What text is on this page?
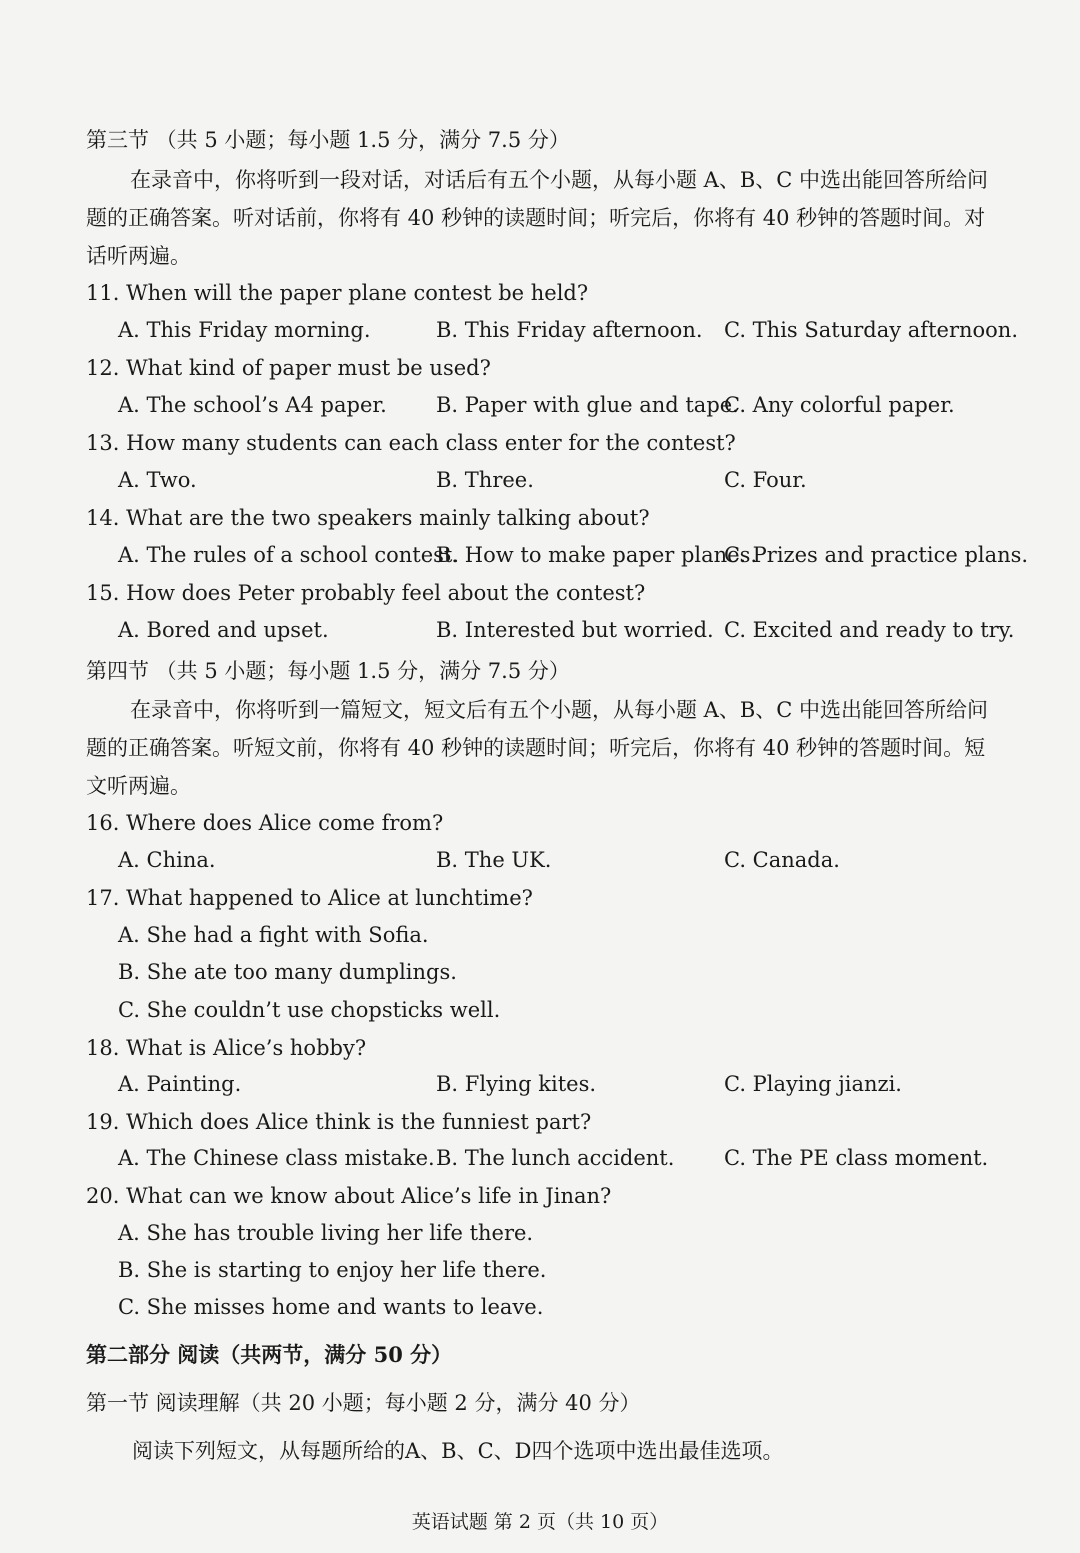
第三节 （共 5 小题；每小题 1.5 分，满分 7.5 分）
在录音中，你将听到一段对话，对话后有五个小题，从每小题 A、B、C 中选出能回答所给问题的正确答案。听对话前，你将有 40 秒钟的读题时间；听完后，你将有 40 秒钟的答题时间。对话听两遍。
11. When will the paper plane contest be held?
A. This Friday morning.	B. This Friday afternoon. C. This Saturday afternoon.
12. What kind of paper must be used?
A. The school’s A4 paper. B. Paper with glue and tape.
C. Any colorful paper.
13. How many students can each class enter for the contest?
A. Two.	B. Three.	C. Four.
14. What are the two speakers mainly talking about?
A. The rules of a school contest.
B. How to make paper planes.
C. Prizes and practice plans.
15. How does Peter probably feel about the contest?
A. Bored and upset.	B. Interested but worried. C. Excited and ready to try.
第四节 （共 5 小题；每小题 1.5 分，满分 7.5 分）
在录音中，你将听到一篇短文，短文后有五个小题，从每小题 A、B、C 中选出能回答所给问题的正确答案。听短文前，你将有 40 秒钟的读题时间；听完后，你将有 40 秒钟的答题时间。短文听两遍。
16. Where does Alice come from?
A. China.	B. The UK.	C. Canada.
17. What happened to Alice at lunchtime?
A. She had a fight with Sofia.
B. She ate too many dumplings.
C. She couldn’t use chopsticks well.
18. What is Alice’s hobby?
A. Painting.	B. Flying kites.	C. Playing jianzi.
19. Which does Alice think is the funniest part?
A. The Chinese class mistake. B. The lunch accident. C. The PE class moment.
20. What can we know about Alice’s life in Jinan?
A. She has trouble living her life there.
B. She is starting to enjoy her life there.
C. She misses home and wants to leave.
第二部分 阅读（共两节，满分 50 分）
第一节 阅读理解（共 20 小题；每小题 2 分，满分 40 分）
阅读下列短文，从每题所给的A、B、C、D四个选项中选出最佳选项。
英语试题 第 2 页（共 10 页）
